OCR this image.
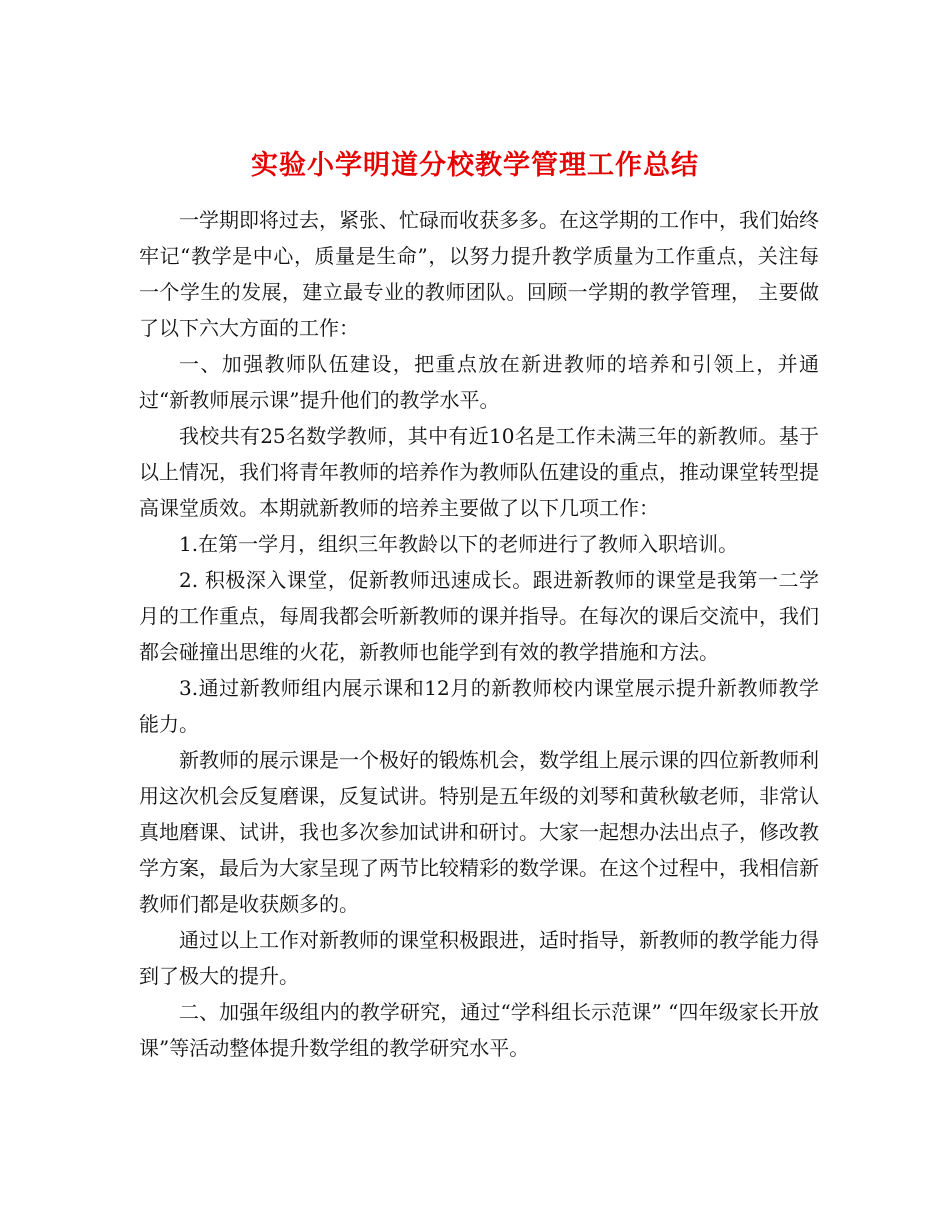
实验小学明道分校教学管理工作总结

一学期即将过去，紧张、忙碌而收获多多。在这学期的工作中，我们始终牢记“教学是中心，质量是生命”，以努力提升教学质量为工作重点，关注每一个学生的发展，建立最专业的教师团队。回顾一学期的教学管理， 主要做了以下六大方面的工作：

一、加强教师队伍建设，把重点放在新进教师的培养和引领上，并通过“新教师展示课”提升他们的教学水平。

我校共有25名数学教师，其中有近10名是工作未满三年的新教师。基于以上情况，我们将青年教师的培养作为教师队伍建设的重点，推动课堂转型提高课堂质效。本期就新教师的培养主要做了以下几项工作：

1.在第一学月，组织三年教龄以下的老师进行了教师入职培训。

2. 积极深入课堂，促新教师迅速成长。跟进新教师的课堂是我第一二学月的工作重点，每周我都会听新教师的课并指导。在每次的课后交流中，我们都会碰撞出思维的火花，新教师也能学到有效的教学措施和方法。

3.通过新教师组内展示课和12月的新教师校内课堂展示提升新教师教学能力。

新教师的展示课是一个极好的锻炼机会，数学组上展示课的四位新教师利用这次机会反复磨课，反复试讲。特别是五年级的刘琴和黄秋敏老师，非常认真地磨课、试讲，我也多次参加试讲和研讨。大家一起想办法出点子，修改教学方案，最后为大家呈现了两节比较精彩的数学课。在这个过程中，我相信新教师们都是收获颇多的。

通过以上工作对新教师的课堂积极跟进，适时指导，新教师的教学能力得到了极大的提升。

二、加强年级组内的教学研究，通过“学科组长示范课” “四年级家长开放课”等活动整体提升数学组的教学研究水平。
